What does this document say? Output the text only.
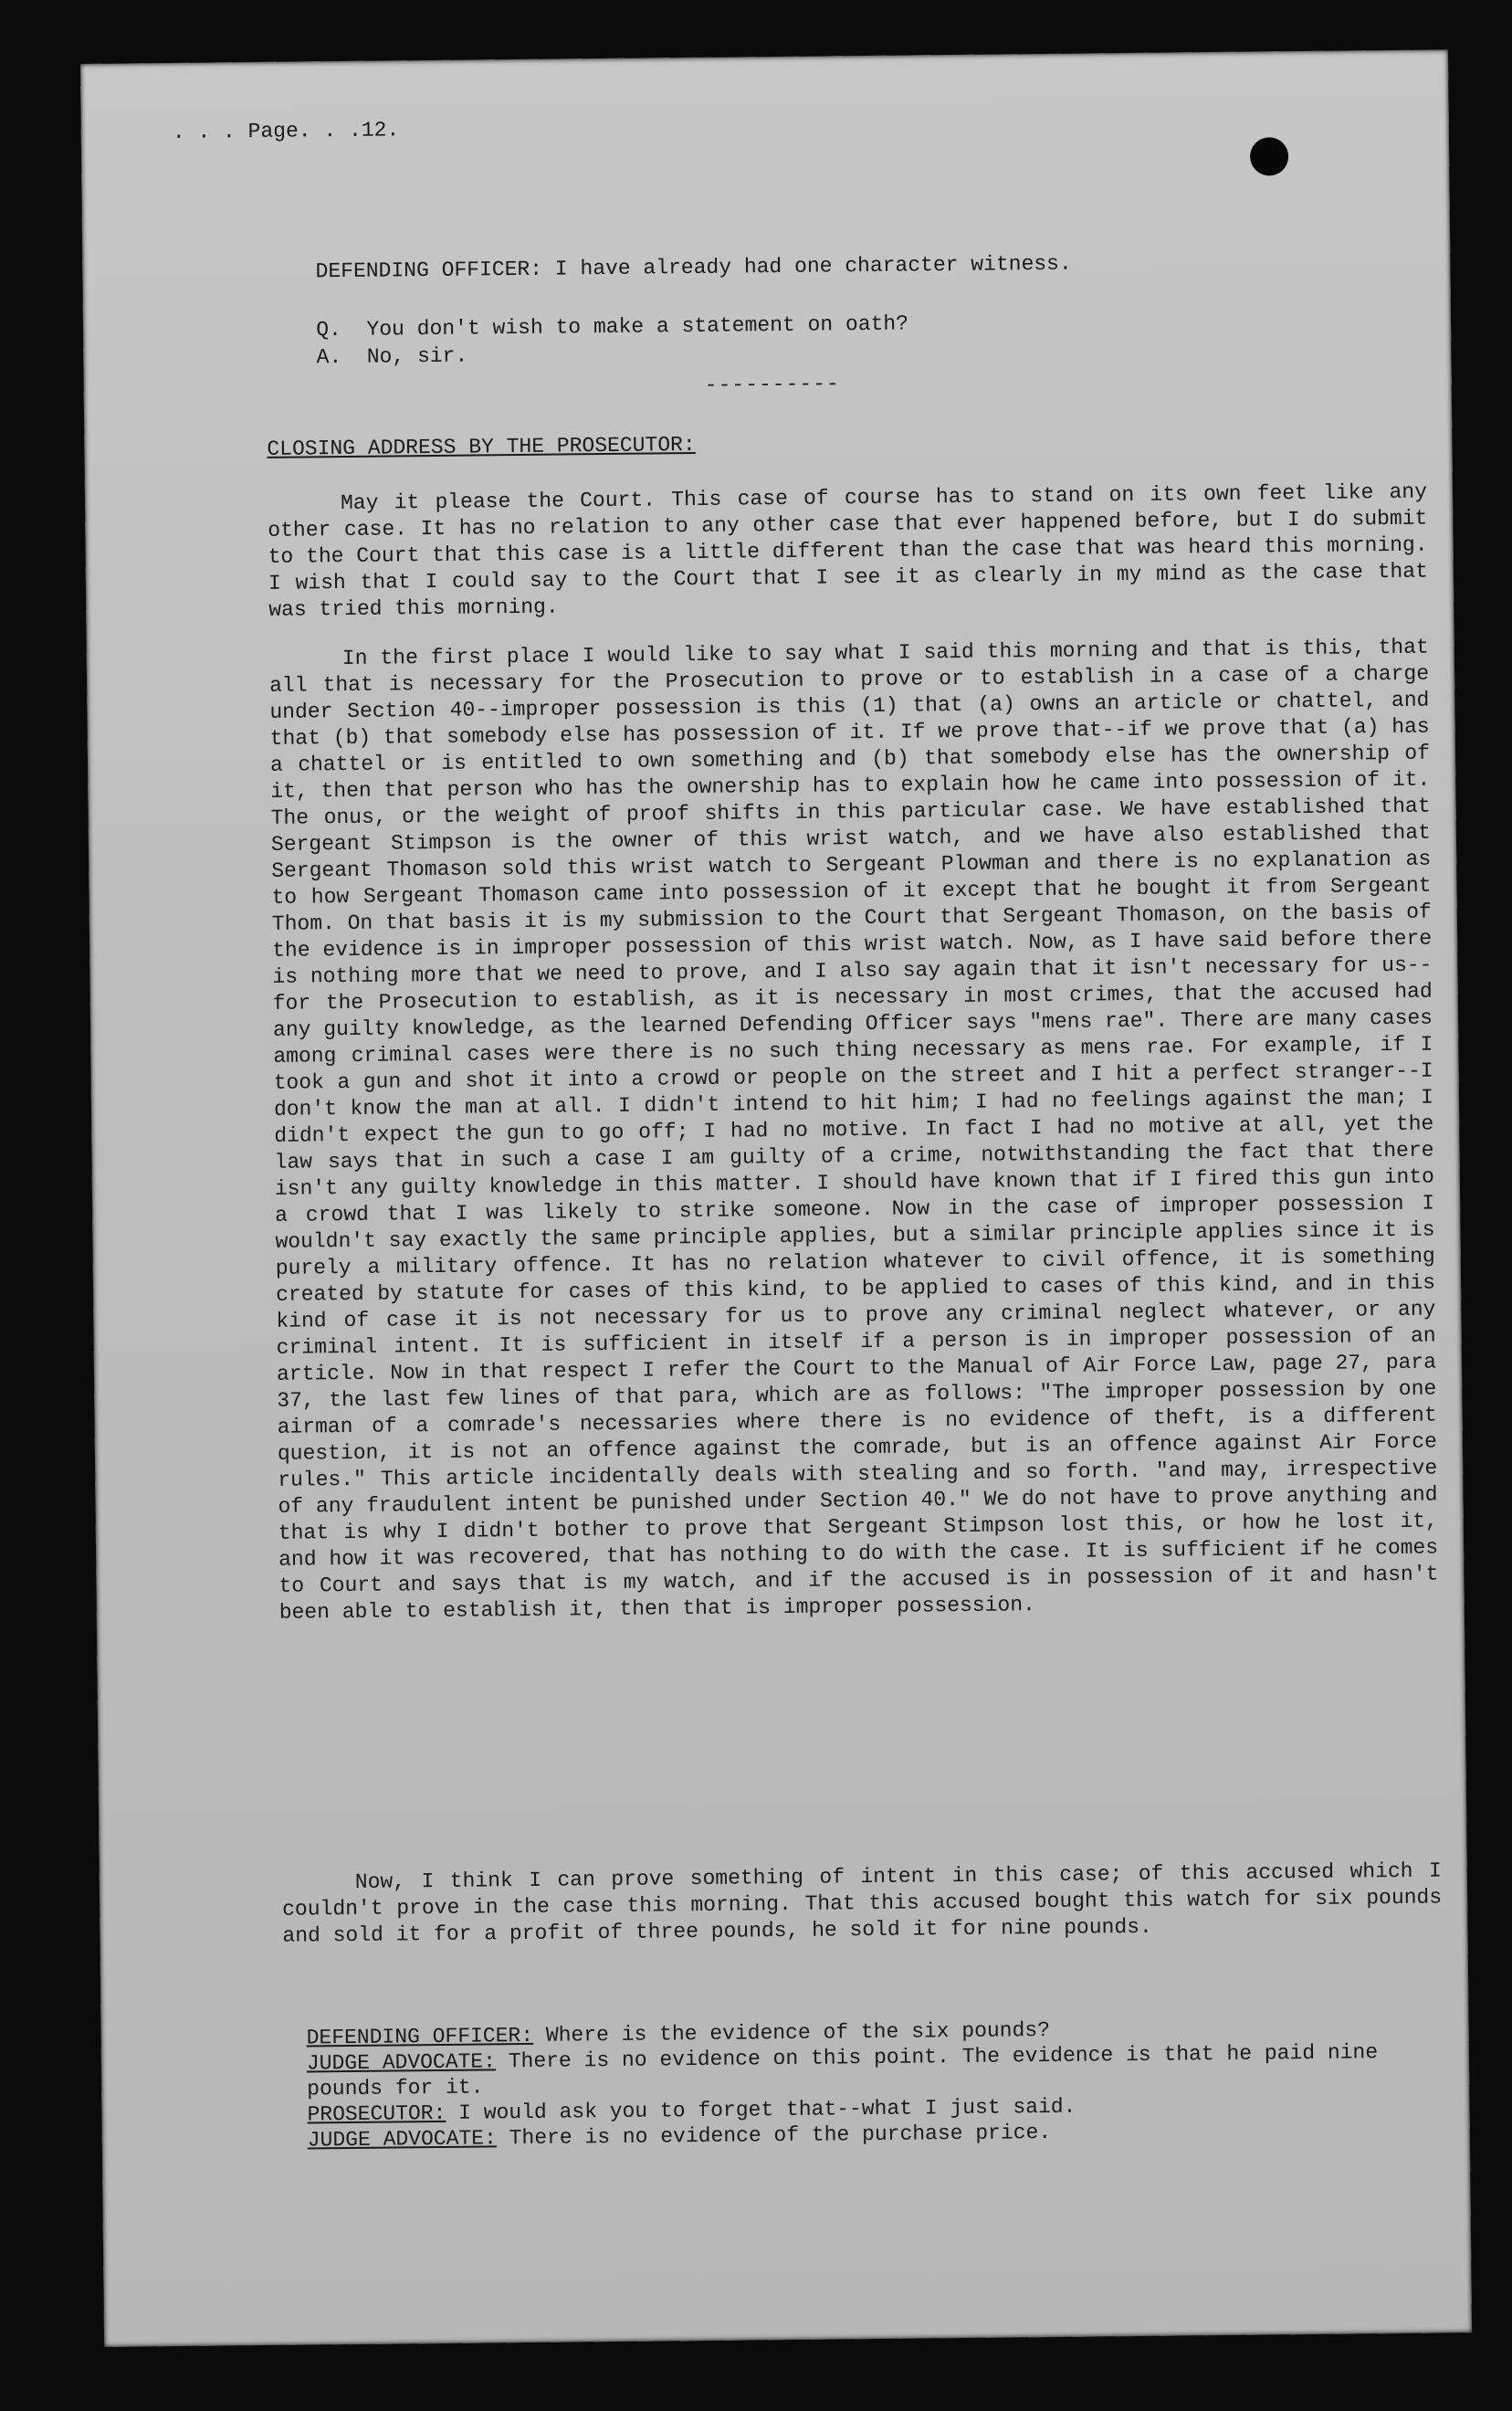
. . . Page. . .12.

DEFENDING OFFICER: I have already had one character witness.

Q. You don't wish to make a statement on oath?

A. No, sir.

----------
CLOSING ADDRESS BY THE PROSECUTOR:
May it please the Court. This case of course has to stand on its own feet like any other case. It has no relation to any other case that ever happened before, but I do submit to the Court that this case is a little different than the case that was heard this morning. I wish that I could say to the Court that I see it as clearly in my mind as the case that was tried this morning.
In the first place I would like to say what I said this morning and that is this, that all that is necessary for the Prosecution to prove or to establish in a case of a charge under Section 40--improper possession is this (1) that (a) owns an article or chattel, and that (b) that somebody else has possession of it. If we prove that--if we prove that (a) has a chattel or is entitled to own something and (b) that somebody else has the ownership of it, then that person who has the ownership has to explain how he came into possession of it. The onus, or the weight of proof shifts in this particular case. We have established that Sergeant Stimpson is the owner of this wrist watch, and we have also established that Sergeant Thomason sold this wrist watch to Sergeant Plowman and there is no explanation as to how Sergeant Thomason came into possession of it except that he bought it from Sergeant Thom. On that basis it is my submission to the Court that Sergeant Thomason, on the basis of the evidence is in improper possession of this wrist watch. Now, as I have said before there is nothing more that we need to prove, and I also say again that it isn't necessary for us--for the Prosecution to establish, as it is necessary in most crimes, that the accused had any guilty knowledge, as the learned Defending Officer says "mens rae". There are many cases among criminal cases were there is no such thing necessary as mens rae. For example, if I took a gun and shot it into a crowd or people on the street and I hit a perfect stranger--I don't know the man at all. I didn't intend to hit him; I had no feelings against the man; I didn't expect the gun to go off; I had no motive. In fact I had no motive at all, yet the law says that in such a case I am guilty of a crime, notwithstanding the fact that there isn't any guilty knowledge in this matter. I should have known that if I fired this gun into a crowd that I was likely to strike someone. Now in the case of improper possession I wouldn't say exactly the same principle applies, but a similar principle applies since it is purely a military offence. It has no relation whatever to civil offence, it is something created by statute for cases of this kind, to be applied to cases of this kind, and in this kind of case it is not necessary for us to prove any criminal neglect whatever, or any criminal intent. It is sufficient in itself if a person is in improper possession of an article. Now in that respect I refer the Court to the Manual of Air Force Law, page 27, para 37, the last few lines of that para, which are as follows: "The improper possession by one airman of a comrade's necessaries where there is no evidence of theft, is a different question, it is not an offence against the comrade, but is an offence against Air Force rules." This article incidentally deals with stealing and so forth. "and may, irrespective of any fraudulent intent be punished under Section 40." We do not have to prove anything and that is why I didn't bother to prove that Sergeant Stimpson lost this, or how he lost it, and how it was recovered, that has nothing to do with the case. It is sufficient if he comes to Court and says that is my watch, and if the accused is in possession of it and hasn't been able to establish it, then that is improper possession.
Now, I think I can prove something of intent in this case; of this accused which I couldn't prove in the case this morning. That this accused bought this watch for six pounds and sold it for a profit of three pounds, he sold it for nine pounds.
DEFENDING OFFICER: Where is the evidence of the six pounds?
JUDGE ADVOCATE: There is no evidence on this point. The evidence is that he paid nine pounds for it.
PROSECUTOR: I would ask you to forget that--what I just said.
JUDGE ADVOCATE: There is no evidence of the purchase price.
